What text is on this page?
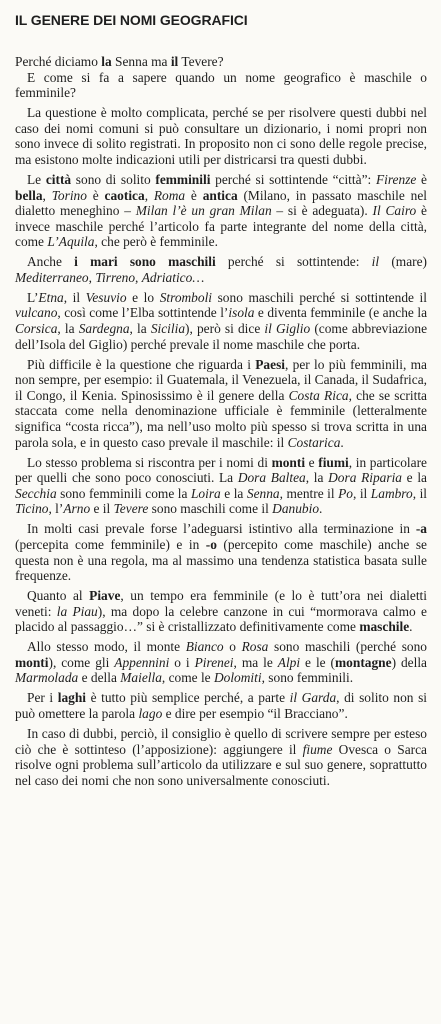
IL GENERE DEI NOMI GEOGRAFICI

Perché diciamo la Senna ma il Tevere?

E come si fa a sapere quando un nome geografico è maschile o femminile?

La questione è molto complicata, perché se per risolvere questi dubbi nel caso dei nomi comuni si può consultare un dizionario, i nomi propri non sono invece di solito registrati. In proposito non ci sono delle regole precise, ma esistono molte indicazioni utili per districarsi tra questi dubbi.

Le città sono di solito femminili perché si sottintende “città”: Firenze è bella, Torino è caotica, Roma è antica (Milano, in passato maschile nel dialetto meneghino – Milan l’è un gran Milan – si è adeguata). Il Cairo è invece maschile perché l’articolo fa parte integrante del nome della città, come L’Aquila, che però è femminile.

Anche i mari sono maschili perché si sottintende: il (mare) Mediterraneo, Tirreno, Adriatico…

L’Etna, il Vesuvio e lo Stromboli sono maschili perché si sottintende il vulcano, così come l’Elba sottintende l’isola e diventa femminile (e anche la Corsica, la Sardegna, la Sicilia), però si dice il Giglio (come abbreviazione dell’Isola del Giglio) perché prevale il nome maschile che porta.

Più difficile è la questione che riguarda i Paesi, per lo più femminili, ma non sempre, per esempio: il Guatemala, il Venezuela, il Canada, il Sudafrica, il Congo, il Kenia. Spinosissimo è il genere della Costa Rica, che se scritta staccata come nella denominazione ufficiale è femminile (letteralmente significa “costa ricca”), ma nell’uso molto più spesso si trova scritta in una parola sola, e in questo caso prevale il maschile: il Costarica.

Lo stesso problema si riscontra per i nomi di monti e fiumi, in particolare per quelli che sono poco conosciuti. La Dora Baltea, la Dora Riparia e la Secchia sono femminili come la Loira e la Senna, mentre il Po, il Lambro, il Ticino, l’Arno e il Tevere sono maschili come il Danubio.

In molti casi prevale forse l’adeguarsi istintivo alla terminazione in -a (percepita come femminile) e in -o (percepito come maschile) anche se questa non è una regola, ma al massimo una tendenza statistica basata sulle frequenze.

Quanto al Piave, un tempo era femminile (e lo è tutt’ora nei dialetti veneti: la Piau), ma dopo la celebre canzone in cui “mormorava calmo e placido al passaggio…” si è cristallizzato definitivamente come maschile.

Allo stesso modo, il monte Bianco o Rosa sono maschili (perché sono monti), come gli Appennini o i Pirenei, ma le Alpi e le (montagne) della Marmolada e della Maiella, come le Dolomiti, sono femminili.

Per i laghi è tutto più semplice perché, a parte il Garda, di solito non si può omettere la parola lago e dire per esempio “il Bracciano”.

In caso di dubbi, perciò, il consiglio è quello di scrivere sempre per esteso ciò che è sottinteso (l’apposizione): aggiungere il fiume Ovesca o Sarca risolve ogni problema sull’articolo da utilizzare e sul suo genere, soprattutto nel caso dei nomi che non sono universalmente conosciuti.
